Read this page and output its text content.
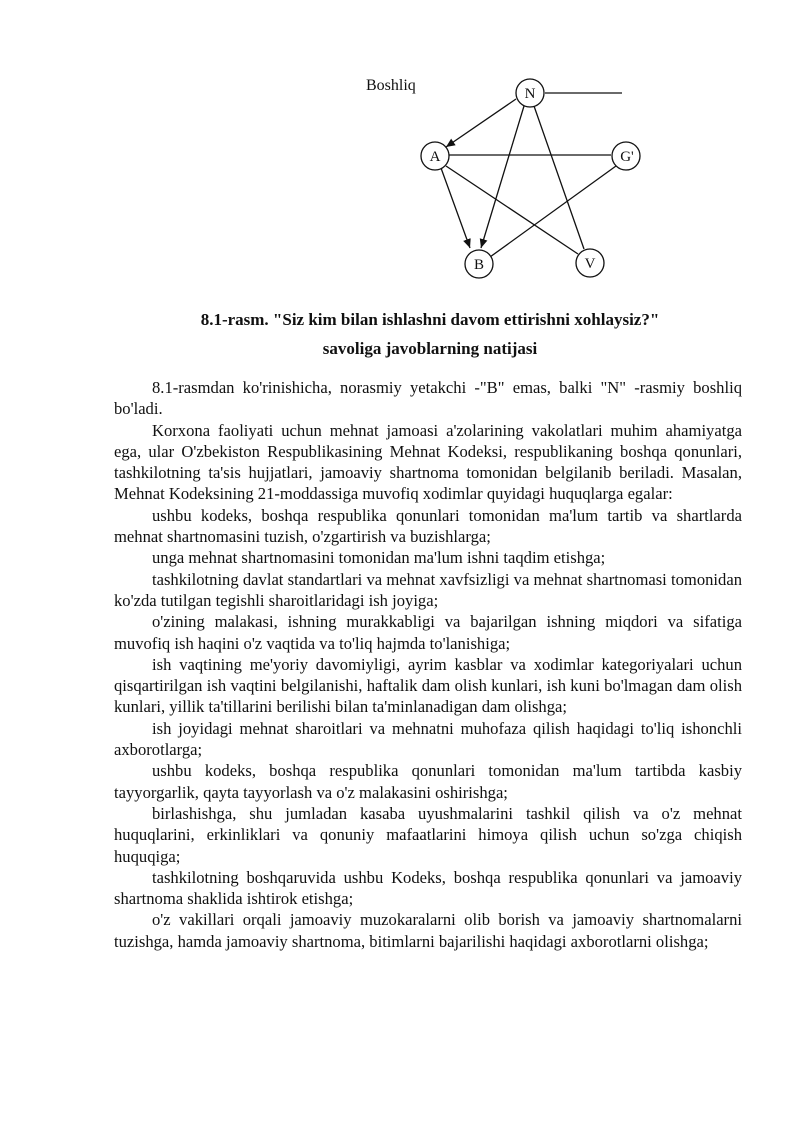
N
A	G'
B	V
Boshliq
8.1-rasm. "Siz kim bilan ishlashni davom ettirishni xohlaysiz?"
savoliga javoblarning natijasi

8.1-rasmdan ko'rinishicha, norasmiy yetakchi -"B" emas, balki "N" -rasmiy boshliq bo'ladi.

Korxona faoliyati uchun mehnat jamoasi a'zolarining vakolatlari muhim ahamiyatga ega, ular O'zbekiston Respublikasining Mehnat Kodeksi, respublikaning boshqa qonunlari, tashkilotning ta'sis hujjatlari, jamoaviy shartnoma tomonidan belgilanib beriladi. Masalan, Mehnat Kodeksining 21-moddassiga muvofiq xodimlar quyidagi huquqlarga egalar:

ushbu kodeks, boshqa respublika qonunlari tomonidan ma'lum tartib va shartlarda mehnat shartnomasini tuzish, o'zgartirish va buzishlarga;

unga mehnat shartnomasini tomonidan ma'lum ishni taqdim etishga;

tashkilotning davlat standartlari va mehnat xavfsizligi va mehnat shartnomasi tomonidan ko'zda tutilgan tegishli sharoitlaridagi ish joyiga;

o'zining malakasi, ishning murakkabligi va bajarilgan ishning miqdori va sifatiga muvofiq ish haqini o'z vaqtida va to'liq hajmda to'lanishiga;

ish vaqtining me'yoriy davomiyligi, ayrim kasblar va xodimlar kategoriyalari uchun qisqartirilgan ish vaqtini belgilanishi, haftalik dam olish kunlari, ish kuni bo'lmagan dam olish kunlari, yillik ta'tillarini berilishi bilan ta'minlanadigan dam olishga;

ish joyidagi mehnat sharoitlari va mehnatni muhofaza qilish haqidagi to'liq ishonchli axborotlarga;

ushbu kodeks, boshqa respublika qonunlari tomonidan ma'lum tartibda kasbiy tayyorgarlik, qayta tayyorlash va o'z malakasini oshirishga;

birlashishga, shu jumladan kasaba uyushmalarini tashkil qilish va o'z mehnat huquqlarini, erkinliklari va qonuniy mafaatlarini himoya qilish uchun so'zga chiqish huquqiga;

tashkilotning boshqaruvida ushbu Kodeks, boshqa respublika qonunlari va jamoaviy shartnoma shaklida ishtirok etishga;

o'z vakillari orqali jamoaviy muzokaralarni olib borish va jamoaviy shartnomalarni tuzishga, hamda jamoaviy shartnoma, bitimlarni bajarilishi haqidagi axborotlarni olishga;
